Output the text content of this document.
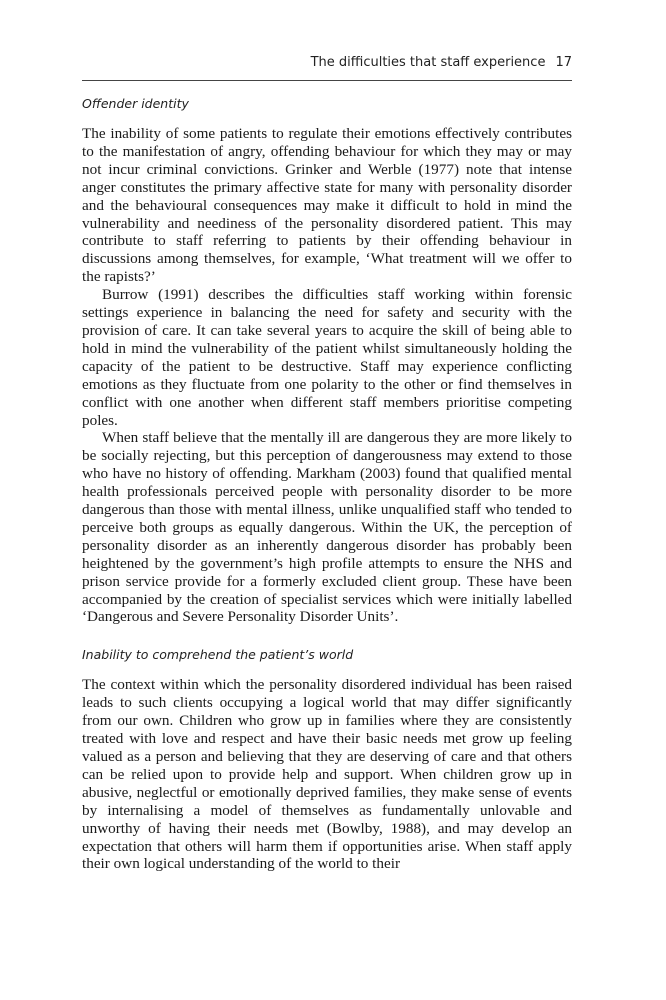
The difficulties that staff experience 17
Offender identity

The inability of some patients to regulate their emotions effectively contributes to the manifestation of angry, offending behaviour for which they may or may not incur criminal convictions. Grinker and Werble (1977) note that intense anger constitutes the primary affective state for many with personality disorder and the behavioural consequences may make it difficult to hold in mind the vulnerability and neediness of the personality disordered patient. This may contribute to staff referring to patients by their offending behaviour in discussions among themselves, for example, ‘What treatment will we offer to the rapists?’

Burrow (1991) describes the difficulties staff working within forensic settings experience in balancing the need for safety and security with the provision of care. It can take several years to acquire the skill of being able to hold in mind the vulnerability of the patient whilst simultaneously holding the capacity of the patient to be destructive. Staff may experience conflicting emotions as they fluctuate from one polarity to the other or find themselves in conflict with one another when different staff members prioritise competing poles.

When staff believe that the mentally ill are dangerous they are more likely to be socially rejecting, but this perception of dangerousness may extend to those who have no history of offending. Markham (2003) found that qualified mental health professionals perceived people with personality disorder to be more dangerous than those with mental illness, unlike unqualified staff who tended to perceive both groups as equally dangerous. Within the UK, the perception of personality disorder as an inherently dangerous disorder has probably been heightened by the government’s high profile attempts to ensure the NHS and prison service provide for a formerly excluded client group. These have been accompanied by the creation of specialist services which were initially labelled ‘Dangerous and Severe Personality Disorder Units’.

Inability to comprehend the patient’s world

The context within which the personality disordered individual has been raised leads to such clients occupying a logical world that may differ significantly from our own. Children who grow up in families where they are consistently treated with love and respect and have their basic needs met grow up feeling valued as a person and believing that they are deserving of care and that others can be relied upon to provide help and support. When children grow up in abusive, neglectful or emotionally deprived families, they make sense of events by internalising a model of themselves as fundamentally unlovable and unworthy of having their needs met (Bowlby, 1988), and may develop an expectation that others will harm them if opportunities arise. When staff apply their own logical understanding of the world to their
